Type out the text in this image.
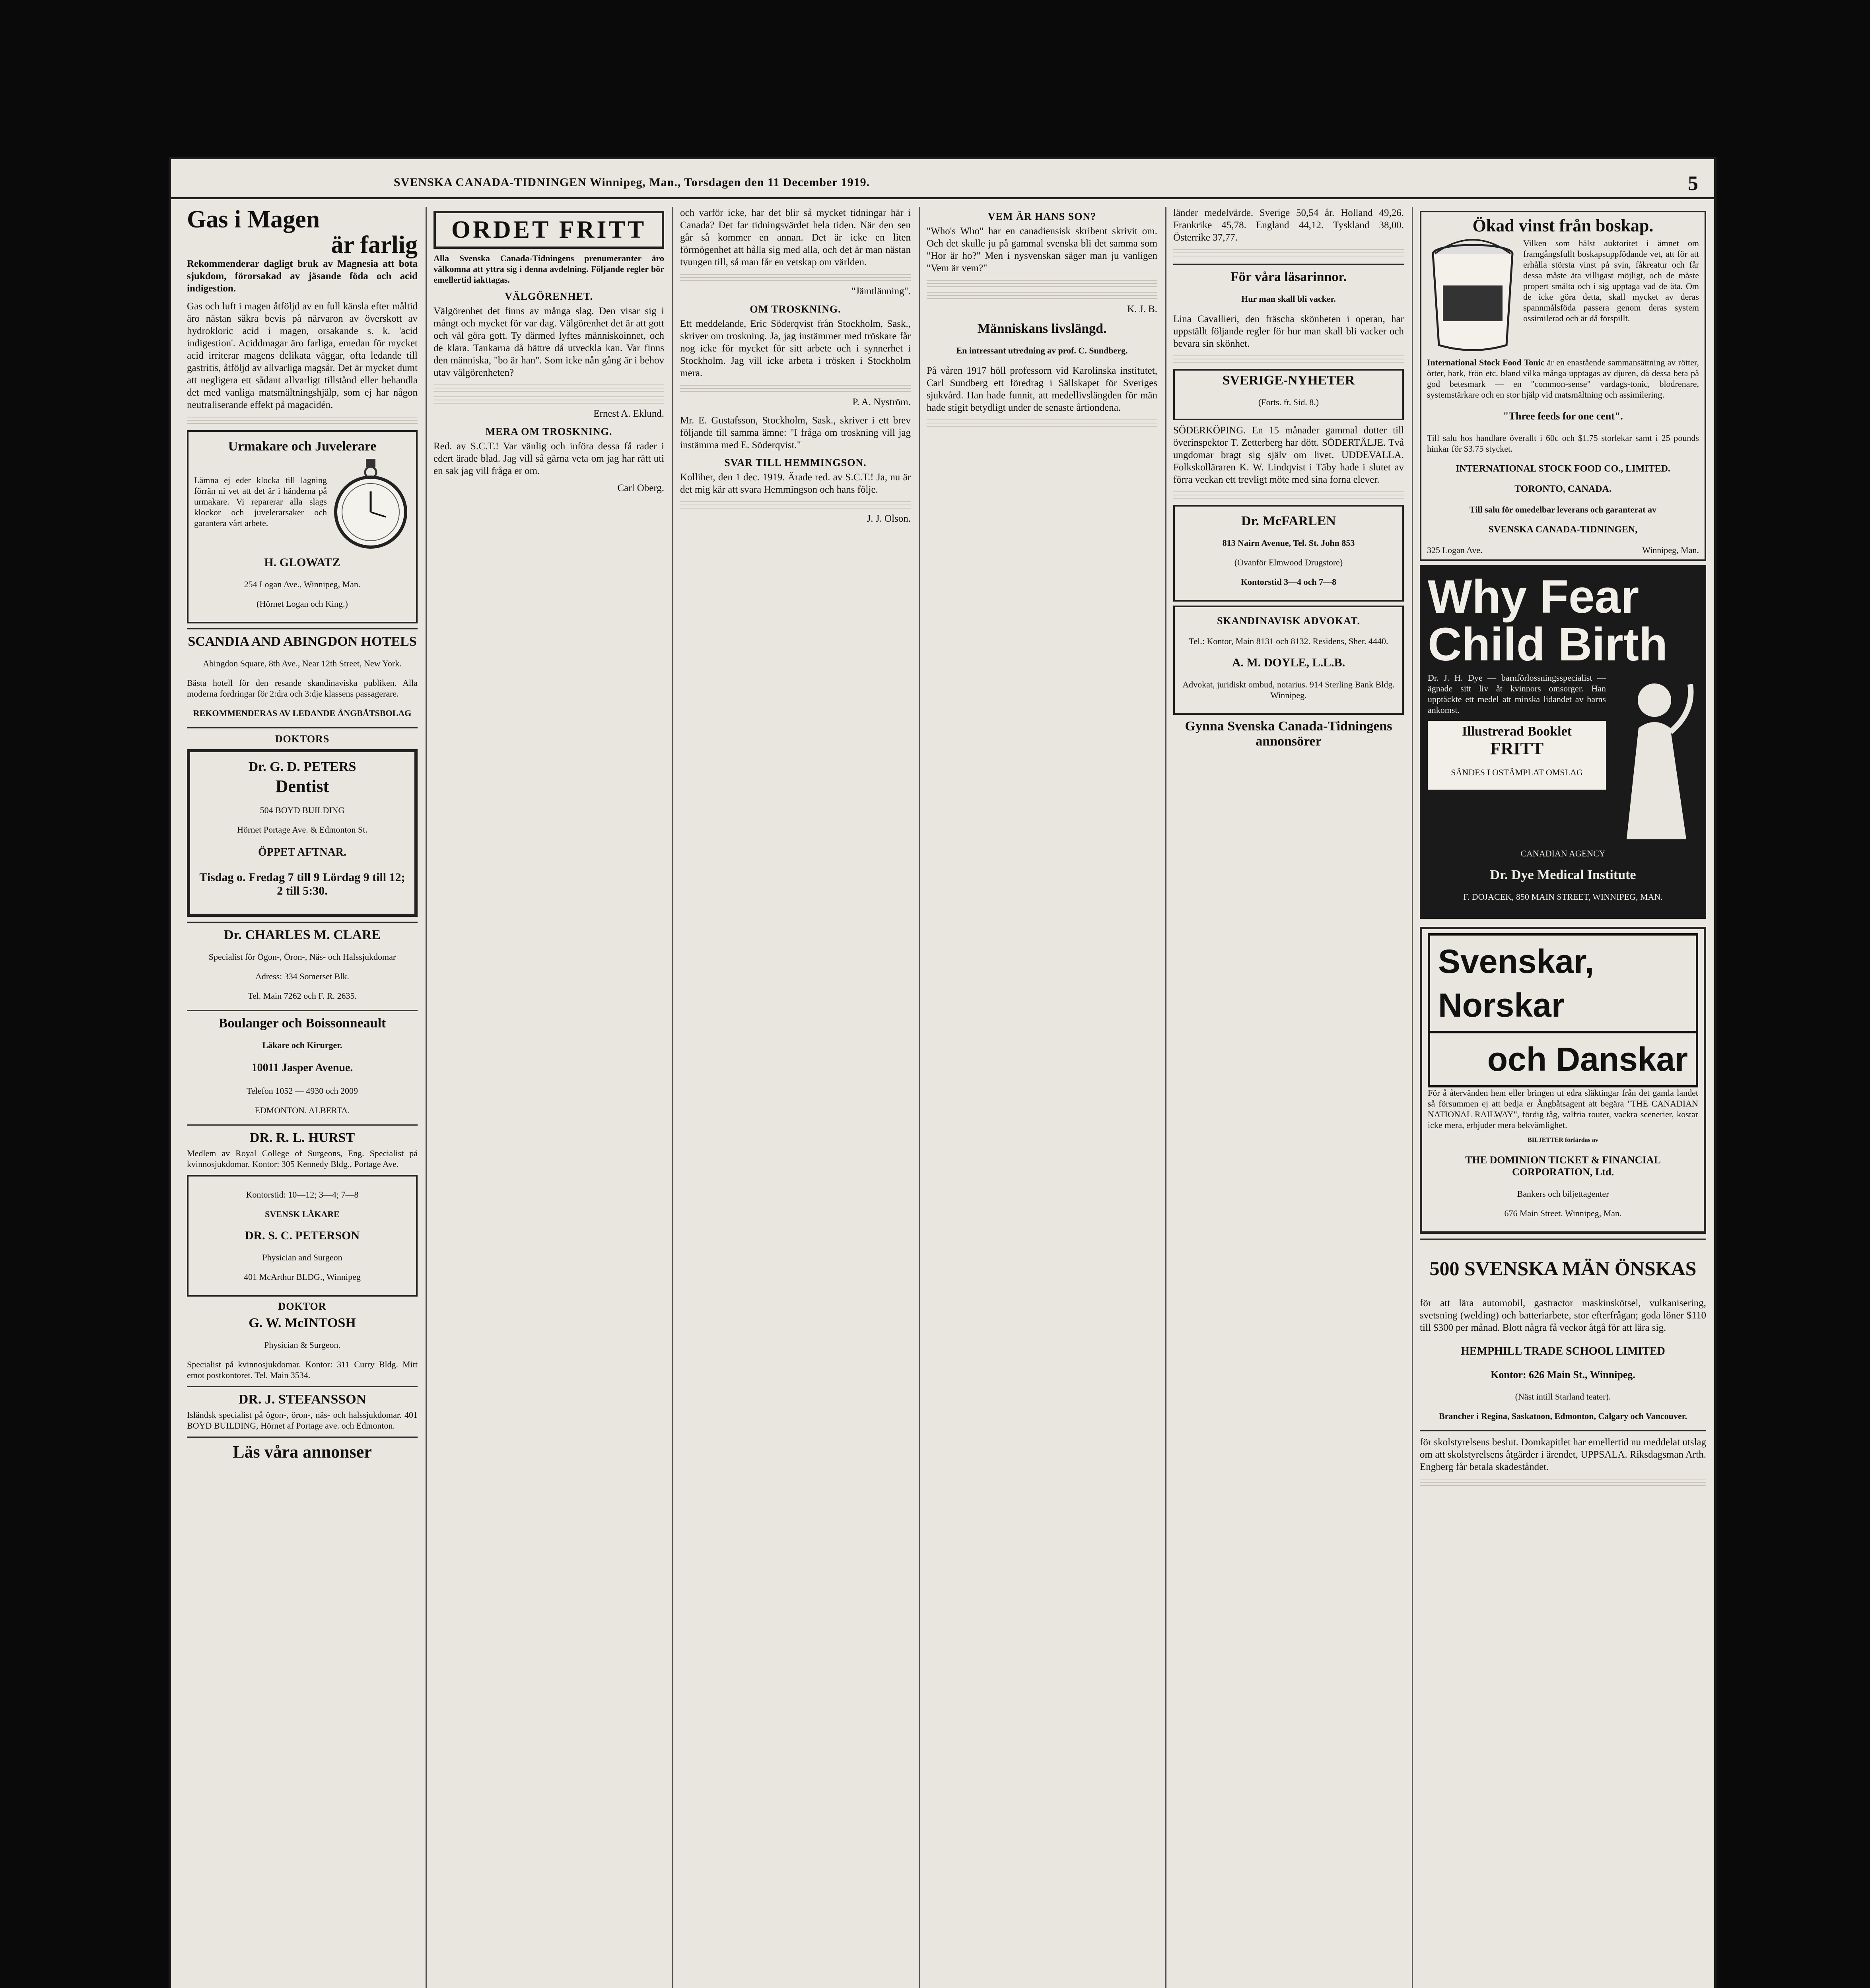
SVENSKA CANADA-TIDNINGEN Winnipeg, Man., Torsdagen den 11 December 1919.	5

Gas i Magen

är farlig

Rekommenderar dagligt bruk av Magnesia att bota sjukdom, förorsakad av jäsande föda och acid indigestion.

Gas och luft i magen åtföljd av en full känsla efter måltid äro nästan säkra bevis på närvaron av överskott av hydrokloric acid i magen, orsakande s. k. 'acid indigestion'. Aciddmagar äro farliga, emedan för mycket acid irriterar magens delikata väggar, ofta ledande till gastritis, åtföljd av allvarliga magsår. Det är mycket dumt att negligera ett sådant allvarligt tillstånd eller behandla det med vanliga matsmältningshjälp, som ej har någon neutraliserande effekt på magacidén.

Urmakare och Juvelerare

Lämna ej eder klocka till lagning förrän ni vet att det är i händerna på urmakare. Vi reparerar alla slags klockor och juvelerarsaker och garantera vårt arbete.

H. GLOWATZ

254 Logan Ave., Winnipeg, Man.

(Hörnet Logan och King.)

SCANDIA AND ABINGDON HOTELS

Abingdon Square, 8th Ave., Near 12th Street, New York.

Bästa hotell för den resande skandinaviska publiken. Alla moderna fordringar för 2:dra och 3:dje klassens passagerare.

REKOMMENDERAS AV LEDANDE ÅNGBÅTSBOLAG

DOKTORS

Dr. G. D. PETERS

Dentist

504 BOYD BUILDING

Hörnet Portage Ave. & Edmonton St.

ÖPPET AFTNAR.

Tisdag o. Fredag 7 till 9 Lördag 9 till 12; 2 till 5:30.

Dr. CHARLES M. CLARE

Specialist för Ögon-, Öron-, Näs- och Halssjukdomar

Adress: 334 Somerset Blk.

Tel. Main 7262 och F. R. 2635.

Boulanger och Boissonneault

Läkare och Kirurger.

10011 Jasper Avenue.

Telefon 1052 — 4930 och 2009

EDMONTON. ALBERTA.

DR. R. L. HURST

Medlem av Royal College of Surgeons, Eng. Specialist på kvinnosjukdomar. Kontor: 305 Kennedy Bldg., Portage Ave.

Kontorstid: 10—12; 3—4; 7—8

SVENSK LÄKARE

DR. S. C. PETERSON

Physician and Surgeon

401 McArthur BLDG., Winnipeg

DOKTOR

G. W. McINTOSH

Physician & Surgeon.

Specialist på kvinnosjukdomar. Kontor: 311 Curry Bldg. Mitt emot postkontoret. Tel. Main 3534.

DR. J. STEFANSSON

Isländsk specialist på ögon-, öron-, näs- och halssjukdomar. 401 BOYD BUILDING, Hörnet af Portage ave. och Edmonton.

Läs våra annonser

ORDET FRITT

Alla Svenska Canada-Tidningens prenumeranter äro välkomna att yttra sig i denna avdelning. Följande regler bör emellertid iakttagas.

VÄLGÖRENHET.

Välgörenhet det finns av många slag. Den visar sig i mångt och mycket för var dag. Välgörenhet det är att gott och väl göra gott. Ty därmed lyftes människoinnet, och de klara. Tankarna då bättre då utveckla kan. Var finns den människa, "bo är han". Som icke nån gång är i behov utav välgörenheten?

Ernest A. Eklund.

MERA OM TROSKNING.

Red. av S.C.T.! Var vänlig och införa dessa få rader i edert ärade blad. Jag vill så gärna veta om jag har rätt uti en sak jag vill fråga er om.

Carl Oberg.

och varför icke, har det blir så mycket tidningar här i Canada? Det far tidningsvärdet hela tiden. När den sen går så kommer en annan. Det är icke en liten förmögenhet att hålla sig med alla, och det är man nästan tvungen till, så man får en vetskap om världen.

"Jämtlänning".

OM TROSKNING.

Ett meddelande, Eric Söderqvist från Stockholm, Sask., skriver om troskning. Ja, jag instämmer med tröskare får nog icke för mycket för sitt arbete och i synnerhet i Stockholm. Jag vill icke arbeta i trösken i Stockholm mera.

P. A. Nyström.

Mr. E. Gustafsson, Stockholm, Sask., skriver i ett brev följande till samma ämne: "I fråga om troskning vill jag instämma med E. Söderqvist."

SVAR TILL HEMMINGSON.

Kolliher, den 1 dec. 1919. Ärade red. av S.C.T.! Ja, nu är det mig kär att svara Hemmingson och hans följe.

J. J. Olson.

VEM ÄR HANS SON?

"Who's Who" har en canadiensisk skribent skrivit om. Och det skulle ju på gammal svenska bli det samma som "Hor är ho?" Men i nysvenskan säger man ju vanligen "Vem är vem?"

K. J. B.

Människans livslängd.

En intressant utredning av prof. C. Sundberg.

På våren 1917 höll professorn vid Karolinska institutet, Carl Sundberg ett föredrag i Sällskapet för Sveriges sjukvård. Han hade funnit, att medellivslängden för män hade stigit betydligt under de senaste årtiondena.

länder medelvärde. Sverige 50,54 år. Holland 49,26. Frankrike 45,78. England 44,12. Tyskland 38,00. Österrike 37,77.

För våra läsarinnor.

Hur man skall bli vacker.

Lina Cavallieri, den fräscha skönheten i operan, har uppställt följande regler för hur man skall bli vacker och bevara sin skönhet.

SVERIGE-NYHETER

(Forts. fr. Sid. 8.)

SÖDERKÖPING. En 15 månader gammal dotter till överinspektor T. Zetterberg har dött. SÖDERTÄLJE. Två ungdomar bragt sig själv om livet. UDDEVALLA. Folkskolläraren K. W. Lindqvist i Täby hade i slutet av förra veckan ett trevligt möte med sina forna elever.

Dr. McFARLEN

813 Nairn Avenue, Tel. St. John 853

(Ovanför Elmwood Drugstore)

Kontorstid 3—4 och 7—8

SKANDINAVISK ADVOKAT.

Tel.: Kontor, Main 8131 och 8132. Residens, Sher. 4440.

A. M. DOYLE, L.L.B.

Advokat, juridiskt ombud, notarius. 914 Sterling Bank Bldg. Winnipeg.

Gynna Svenska Canada-Tidningens annonsörer

Ökad vinst från boskap.

Vilken som hälst auktoritet i ämnet om framgångsfullt boskapsuppfödande vet, att för att erhålla största vinst på svin, fåkreatur och får dessa måste äta villigast möjligt, och de måste propert smälta och i sig upptaga vad de äta. Om de icke göra detta, skall mycket av deras spannmålsföda passera genom deras system ossimilerad och är då förspillt.

International Stock Food Tonic är en enastående sammansättning av rötter, örter, bark, frön etc. bland vilka många upptagas av djuren, då dessa beta på god betesmark — en "common-sense" vardags-tonic, blodrenare, systemstärkare och en stor hjälp vid matsmältning och assimilering.

"Three feeds for one cent".

Till salu hos handlare överallt i 60c och $1.75 storlekar samt i 25 pounds hinkar för $3.75 stycket.

INTERNATIONAL STOCK FOOD CO., LIMITED.

TORONTO, CANADA.

Till salu för omedelbar leverans och garanterat av

SVENSKA CANADA-TIDNINGEN,

325 Logan Ave.	Winnipeg, Man.
Why Fear Child Birth

Dr. J. H. Dye — barnförlossningsspecialist — ägnade sitt liv åt kvinnors omsorger. Han upptäckte ett medel att minska lidandet av barns ankomst.

Illustrerad Booklet

FRITT

SÄNDES I OSTÄMPLAT OMSLAG

CANADIAN AGENCY

Dr. Dye Medical Institute

F. DOJACEK, 850 MAIN STREET, WINNIPEG, MAN.

Svenskar, Norskar
och Danskar

För å återvänden hem eller bringen ut edra släktingar från det gamla landet så försummen ej att bedja er Ångbåtsagent att begära "THE CANADIAN NATIONAL RAILWAY", fördig tåg, valfria router, vackra scenerier, kostar icke mera, erbjuder mera bekvämlighet.

BILJETTER förfärdas av

THE DOMINION TICKET & FINANCIAL CORPORATION, Ltd.

Bankers och biljettagenter

676 Main Street. Winnipeg, Man.

500 SVENSKA MÄN ÖNSKAS

för att lära automobil, gastractor maskinskötsel, vulkanisering, svetsning (welding) och batteriarbete, stor efterfrågan; goda löner $110 till $300 per månad. Blott några få veckor åtgå för att lära sig.

HEMPHILL TRADE SCHOOL LIMITED

Kontor: 626 Main St., Winnipeg.

(Näst intill Starland teater).

Brancher i Regina, Saskatoon, Edmonton, Calgary och Vancouver.

för skolstyrelsens beslut. Domkapitlet har emellertid nu meddelat utslag om att skolstyrelsens åtgärder i ärendet, UPPSALA. Riksdagsman Arth. Engberg får betala skadeståndet.
